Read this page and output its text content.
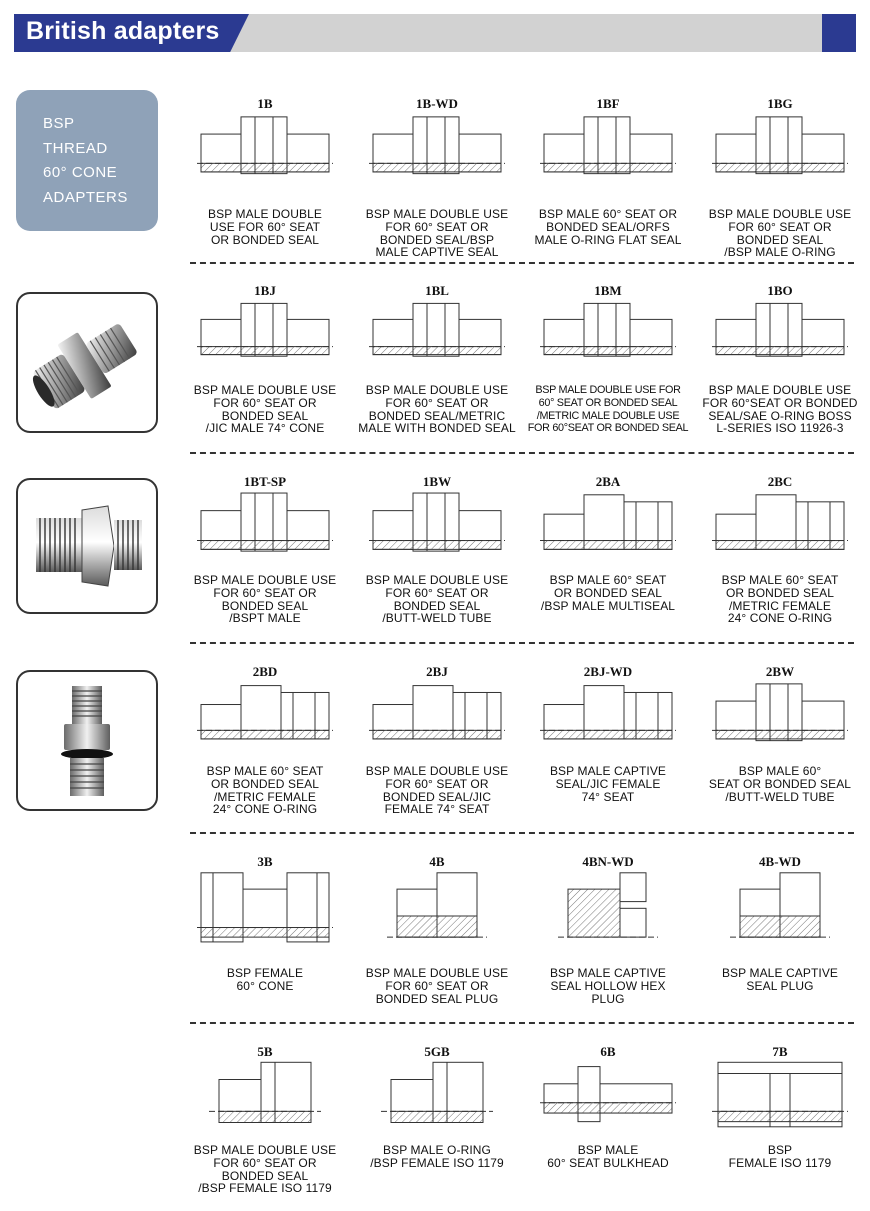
British adapters
BSP
THREAD
60° CONE
ADAPTERS
1B
BSP MALE DOUBLE
USE FOR 60° SEAT
OR BONDED SEAL
1B-WD
BSP MALE DOUBLE USE
FOR 60° SEAT OR
BONDED SEAL/BSP
MALE CAPTIVE SEAL
1BF
BSP MALE 60° SEAT OR
BONDED SEAL/ORFS
MALE O-RING FLAT SEAL
1BG
BSP MALE DOUBLE USE
FOR 60° SEAT OR
BONDED SEAL
/BSP MALE O-RING
1BJ
BSP MALE DOUBLE USE
FOR 60° SEAT OR
BONDED SEAL
/JIC MALE 74° CONE
1BL
BSP MALE DOUBLE USE
FOR 60° SEAT OR
BONDED SEAL/METRIC
MALE WITH BONDED SEAL
1BM
BSP MALE DOUBLE USE FOR
60° SEAT OR BONDED SEAL
/METRIC MALE DOUBLE USE
FOR 60°SEAT OR BONDED SEAL
1BO
BSP MALE DOUBLE USE
FOR 60°SEAT OR BONDED
SEAL/SAE O-RING BOSS
L-SERIES ISO 11926-3
1BT-SP
BSP MALE DOUBLE USE
FOR 60° SEAT OR
BONDED SEAL
/BSPT MALE
1BW
BSP MALE DOUBLE USE
FOR 60° SEAT OR
BONDED SEAL
/BUTT-WELD TUBE
2BA
BSP MALE 60° SEAT
OR BONDED SEAL
/BSP MALE MULTISEAL
2BC
BSP MALE 60° SEAT
OR BONDED SEAL
/METRIC FEMALE
24° CONE O-RING
2BD
BSP MALE 60° SEAT
OR BONDED SEAL
/METRIC FEMALE
24° CONE O-RING
2BJ
BSP MALE DOUBLE USE
FOR 60° SEAT OR
BONDED SEAL/JIC
FEMALE 74° SEAT
2BJ-WD
BSP MALE CAPTIVE
SEAL/JIC FEMALE
74° SEAT
2BW
BSP MALE 60°
SEAT OR BONDED SEAL
/BUTT-WELD TUBE
3B
BSP FEMALE
60° CONE
4B
BSP MALE DOUBLE USE
FOR 60° SEAT OR
BONDED SEAL PLUG
4BN-WD
BSP MALE CAPTIVE
SEAL HOLLOW HEX
PLUG
4B-WD
BSP MALE CAPTIVE
SEAL PLUG
5B
BSP MALE DOUBLE USE
FOR 60° SEAT OR
BONDED SEAL
/BSP FEMALE ISO 1179
5GB
BSP MALE O-RING
/BSP FEMALE ISO 1179
6B
BSP MALE
60° SEAT BULKHEAD
7B
BSP
FEMALE ISO 1179
